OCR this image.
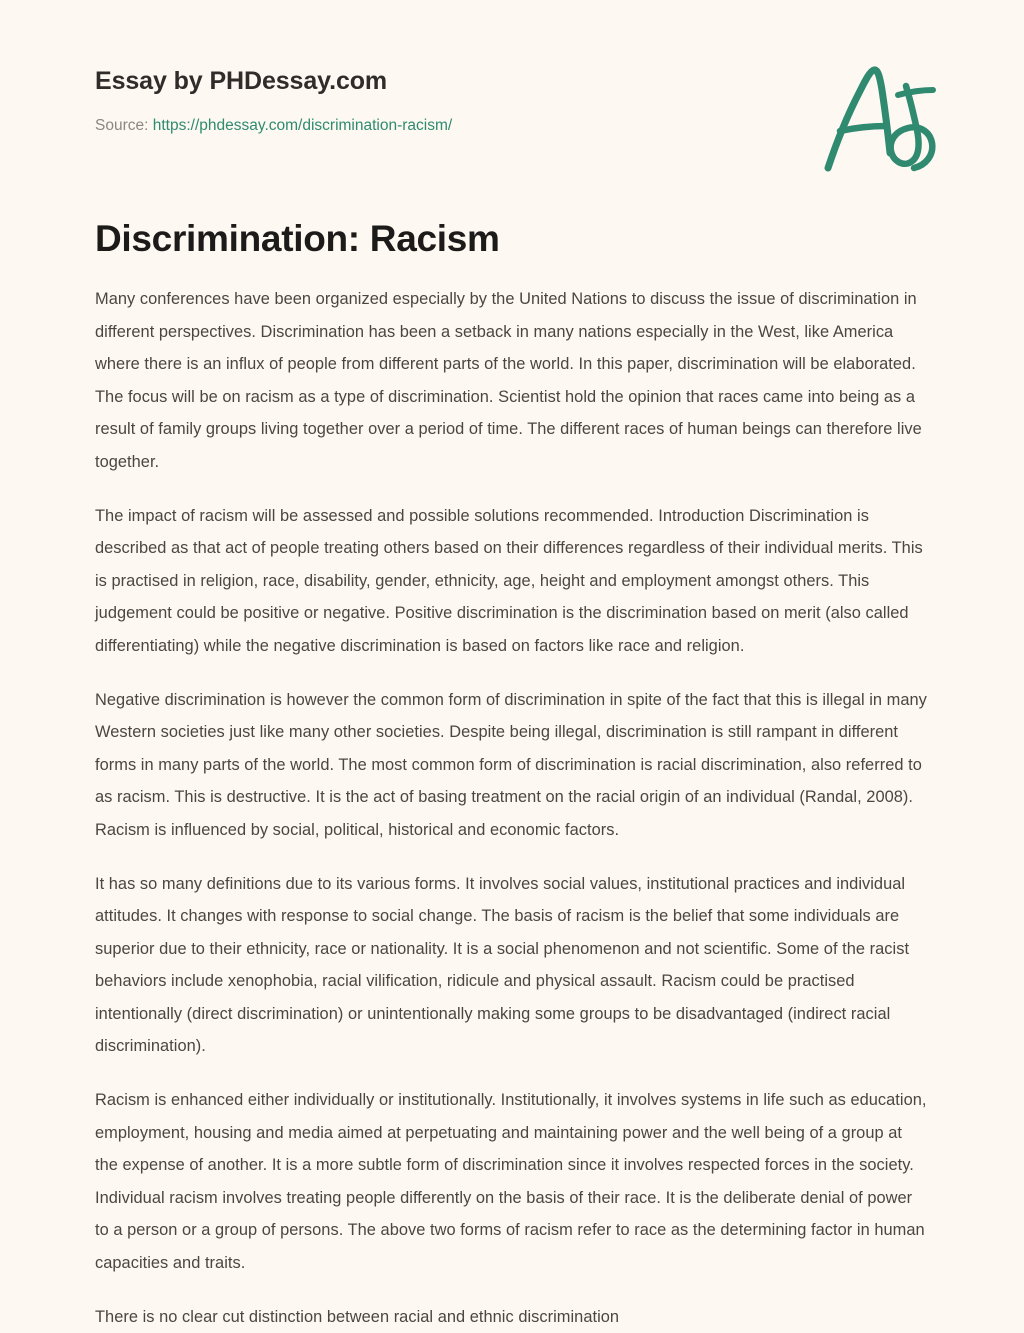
Essay by PHDessay.com
Source: https://phdessay.com/discrimination-racism/
Discrimination: Racism

Many conferences have been organized especially by the United Nations to discuss the issue of discrimination in different perspectives. Discrimination has been a setback in many nations especially in the West, like America where there is an influx of people from different parts of the world. In this paper, discrimination will be elaborated. The focus will be on racism as a type of discrimination. Scientist hold the opinion that races came into being as a result of family groups living together over a period of time. The different races of human beings can therefore live together.

The impact of racism will be assessed and possible solutions recommended. Introduction Discrimination is described as that act of people treating others based on their differences regardless of their individual merits. This is practised in religion, race, disability, gender, ethnicity, age, height and employment amongst others. This judgement could be positive or negative. Positive discrimination is the discrimination based on merit (also called differentiating) while the negative discrimination is based on factors like race and religion.

Negative discrimination is however the common form of discrimination in spite of the fact that this is illegal in many Western societies just like many other societies. Despite being illegal, discrimination is still rampant in different forms in many parts of the world. The most common form of discrimination is racial discrimination, also referred to as racism. This is destructive. It is the act of basing treatment on the racial origin of an individual (Randal, 2008). Racism is influenced by social, political, historical and economic factors.

It has so many definitions due to its various forms. It involves social values, institutional practices and individual attitudes. It changes with response to social change. The basis of racism is the belief that some individuals are superior due to their ethnicity, race or nationality. It is a social phenomenon and not scientific. Some of the racist behaviors include xenophobia, racial vilification, ridicule and physical assault. Racism could be practised intentionally (direct discrimination) or unintentionally making some groups to be disadvantaged (indirect racial discrimination).

Racism is enhanced either individually or institutionally. Institutionally, it involves systems in life such as education, employment, housing and media aimed at perpetuating and maintaining power and the well being of a group at the expense of another. It is a more subtle form of discrimination since it involves respected forces in the society. Individual racism involves treating people differently on the basis of their race. It is the deliberate denial of power to a person or a group of persons. The above two forms of racism refer to race as the determining factor in human capacities and traits.

There is no clear cut distinction between racial and ethnic discrimination
